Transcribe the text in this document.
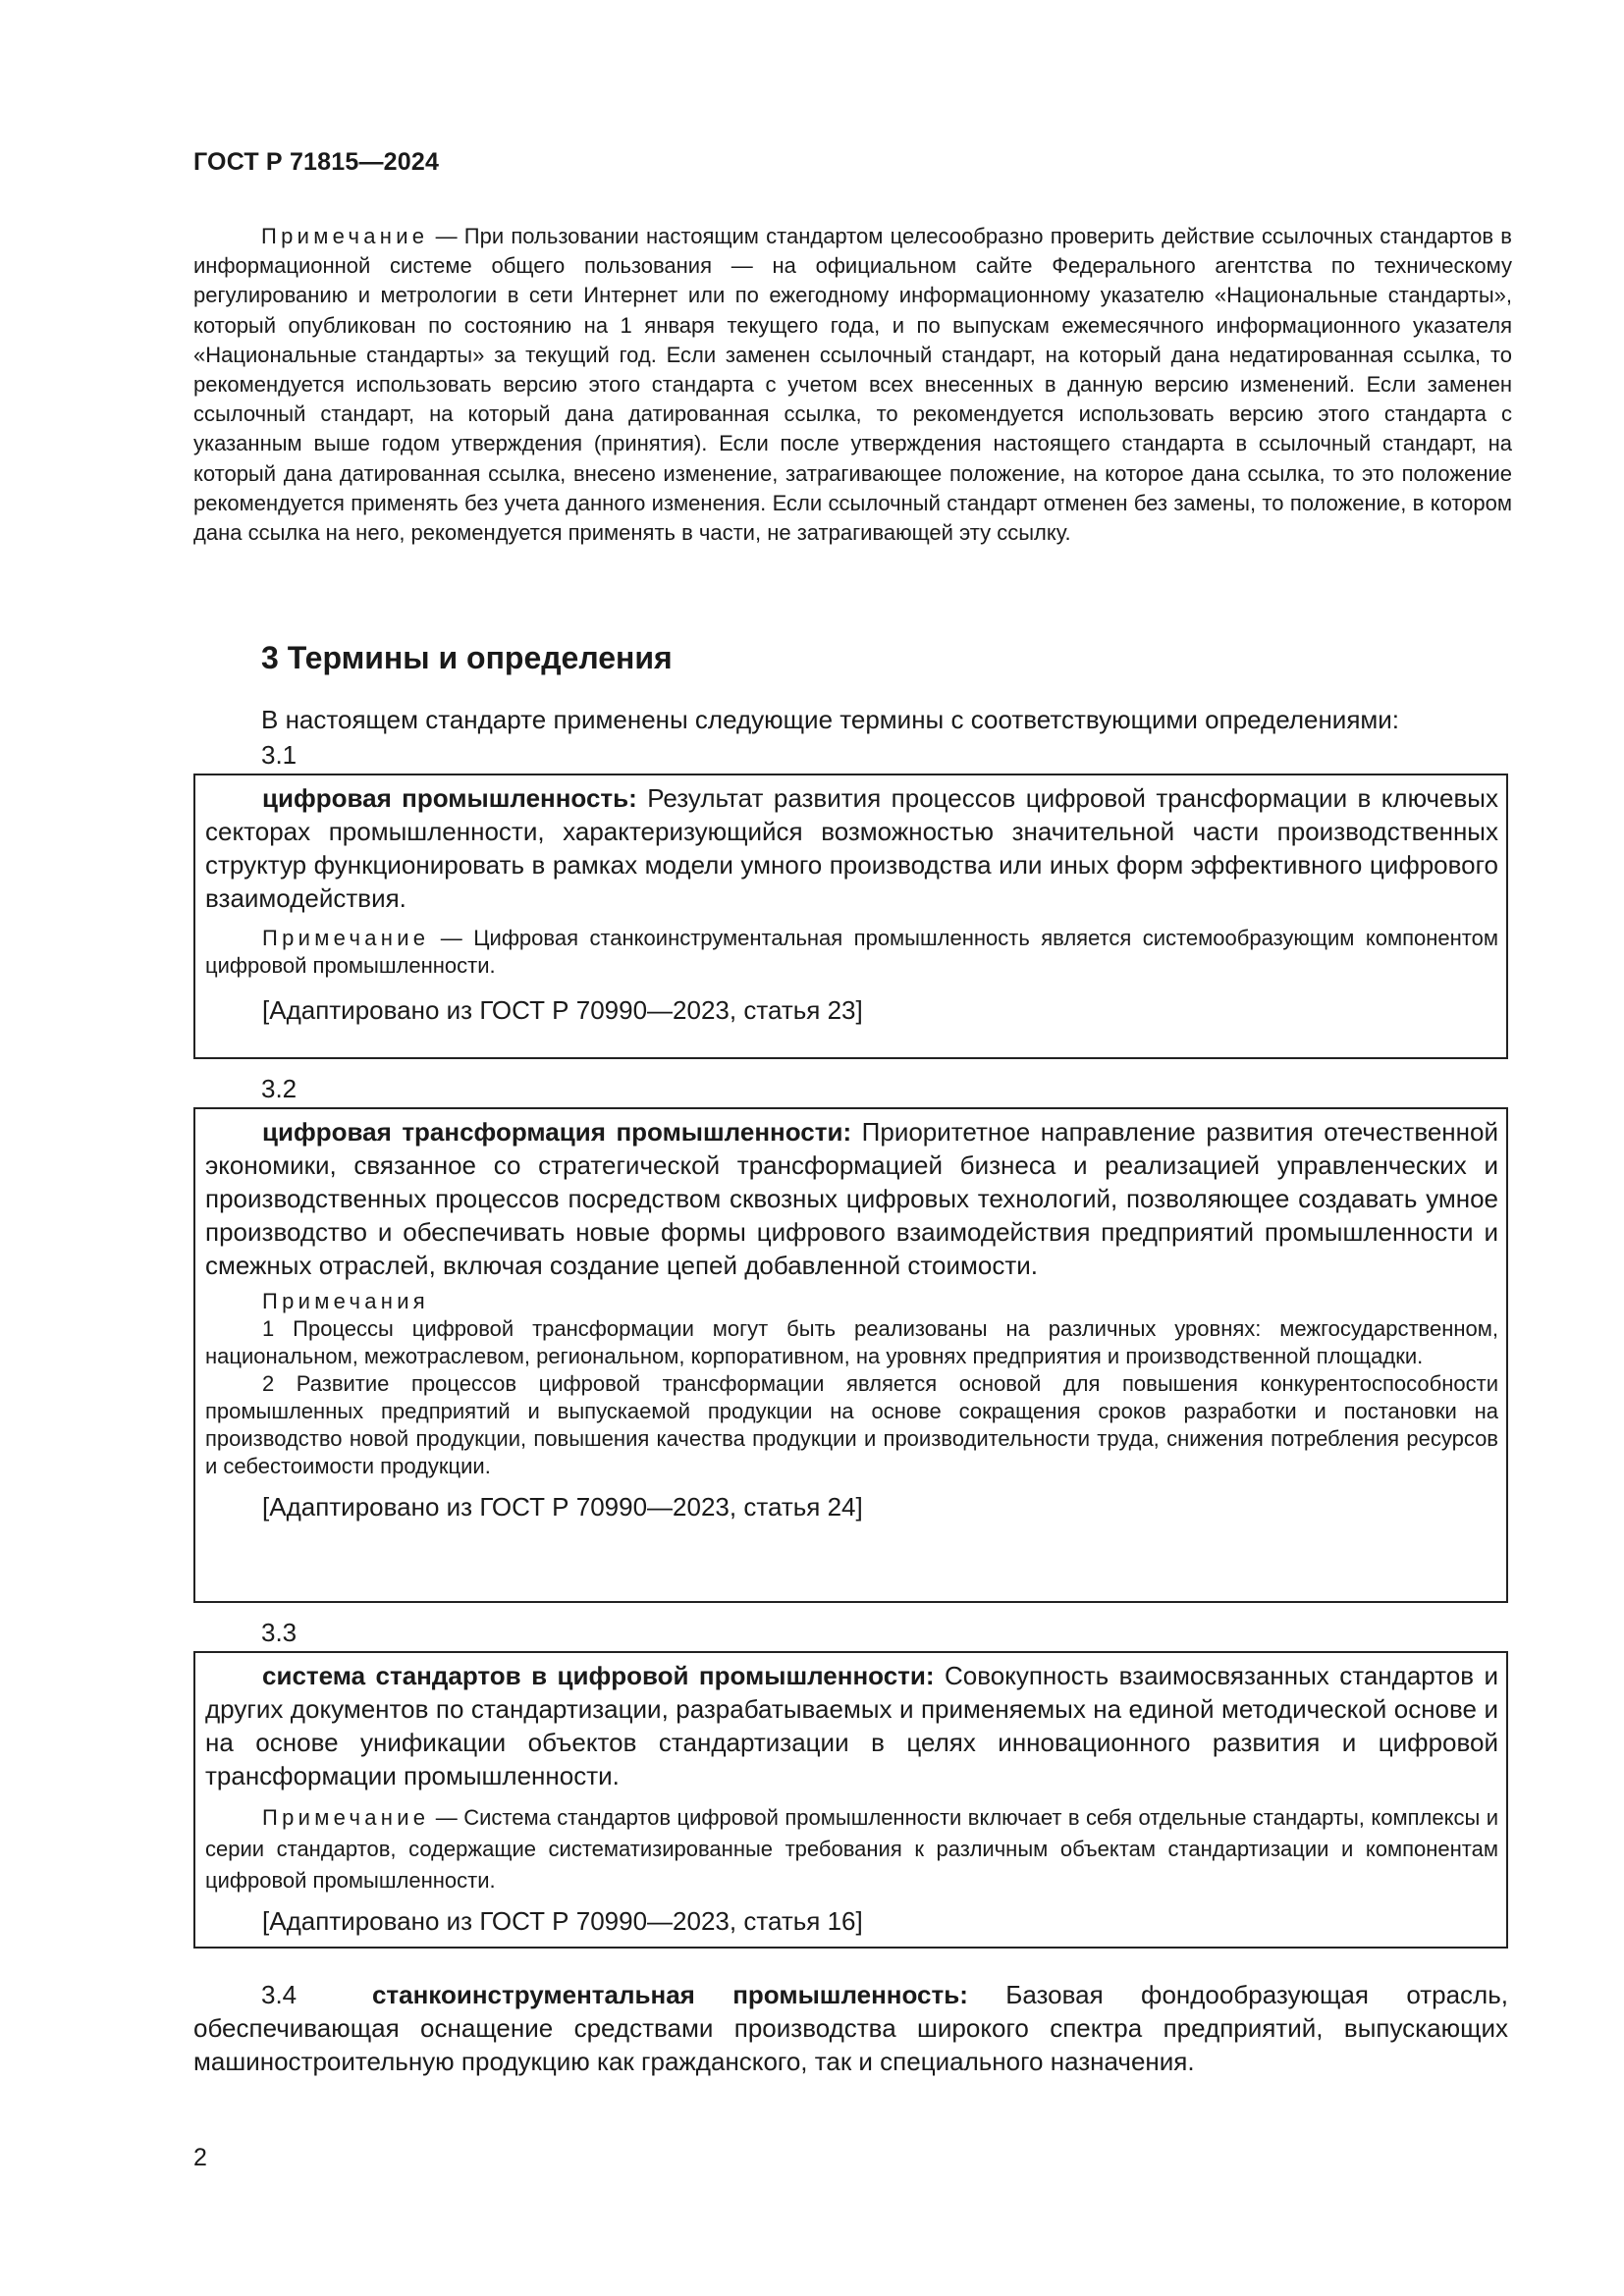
ГОСТ Р 71815—2024

Примечание — При пользовании настоящим стандартом целесообразно проверить действие ссылочных стандартов в информационной системе общего пользования — на официальном сайте Федерального агентства по техническому регулированию и метрологии в сети Интернет или по ежегодному информационному указателю «Национальные стандарты», который опубликован по состоянию на 1 января текущего года, и по выпускам ежемесячного информационного указателя «Национальные стандарты» за текущий год. Если заменен ссылочный стандарт, на который дана недатированная ссылка, то рекомендуется использовать версию этого стандарта с учетом всех внесенных в данную версию изменений. Если заменен ссылочный стандарт, на который дана датированная ссылка, то рекомендуется использовать версию этого стандарта с указанным выше годом утверждения (принятия). Если после утверждения настоящего стандарта в ссылочный стандарт, на который дана датированная ссылка, внесено изменение, затрагивающее положение, на которое дана ссылка, то это положение рекомендуется применять без учета данного изменения. Если ссылочный стандарт отменен без замены, то положение, в котором дана ссылка на него, рекомендуется применять в части, не затрагивающей эту ссылку.

3 Термины и определения
В настоящем стандарте применены следующие термины с соответствующими определениями:
3.1

цифровая промышленность: Результат развития процессов цифровой трансформации в ключевых секторах промышленности, характеризующийся возможностью значительной части производственных структур функционировать в рамках модели умного производства или иных форм эффективного цифрового взаимодействия.

Примечание — Цифровая станкоинструментальная промышленность является системообразующим компонентом цифровой промышленности.

[Адаптировано из ГОСТ Р 70990—2023, статья 23]

3.2

цифровая трансформация промышленности: Приоритетное направление развития отечественной экономики, связанное со стратегической трансформацией бизнеса и реализацией управленческих и производственных процессов посредством сквозных цифровых технологий, позволяющее создавать умное производство и обеспечивать новые формы цифрового взаимодействия предприятий промышленности и смежных отраслей, включая создание цепей добавленной стоимости.

Примечания

1 Процессы цифровой трансформации могут быть реализованы на различных уровнях: межгосударственном, национальном, межотраслевом, региональном, корпоративном, на уровнях предприятия и производственной площадки.

2 Развитие процессов цифровой трансформации является основой для повышения конкурентоспособности промышленных предприятий и выпускаемой продукции на основе сокращения сроков разработки и постановки на производство новой продукции, повышения качества продукции и производительности труда, снижения потребления ресурсов и себестоимости продукции.

[Адаптировано из ГОСТ Р 70990—2023, статья 24]

3.3

система стандартов в цифровой промышленности: Совокупность взаимосвязанных стандартов и других документов по стандартизации, разрабатываемых и применяемых на единой методической основе и на основе унификации объектов стандартизации в целях инновационного развития и цифровой трансформации промышленности.

Примечание — Система стандартов цифровой промышленности включает в себя отдельные стандарты, комплексы и серии стандартов, содержащие систематизированные требования к различным объектам стандартизации и компонентам цифровой промышленности.

[Адаптировано из ГОСТ Р 70990—2023, статья 16]

3.4	станкоинструментальная промышленность: Базовая фондообразующая отрасль, обеспечивающая оснащение средствами производства широкого спектра предприятий, выпускающих машиностроительную продукцию как гражданского, так и специального назначения.

2
